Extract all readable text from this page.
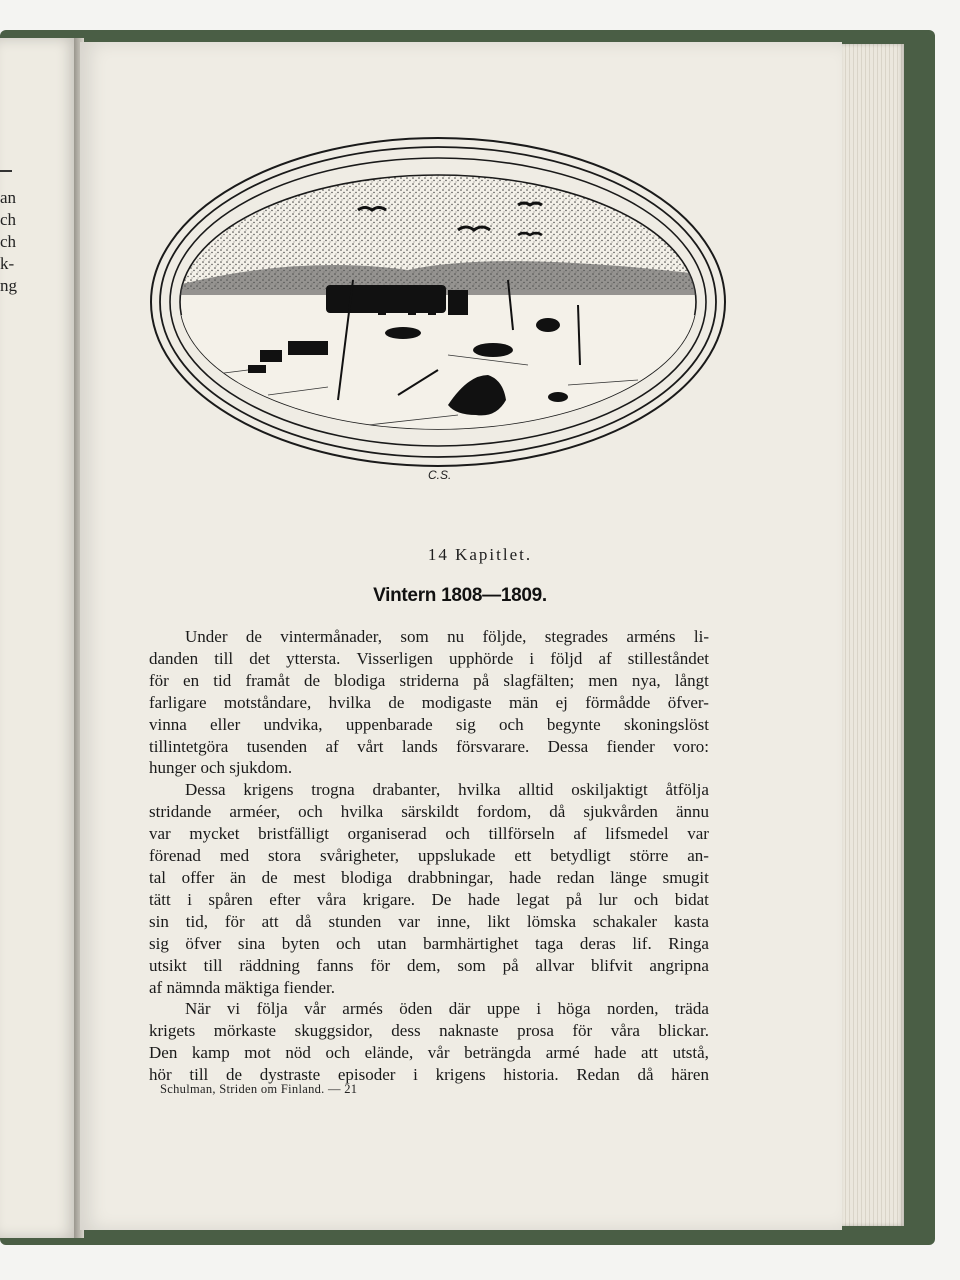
an
ch
ch
k-
ng
C.S.
14 Kapitlet.
Vintern 1808—1809.
Under de vintermånader, som nu följde, stegrades arméns li-
danden till det yttersta. Visserligen upphörde i följd af stilleståndet
för en tid framåt de blodiga striderna på slagfälten; men nya, långt
farligare motståndare, hvilka de modigaste män ej förmådde öfver-
vinna eller undvika, uppenbarade sig och begynte skoningslöst
tillintetgöra tusenden af vårt lands försvarare. Dessa fiender voro:
hunger och sjukdom.
Dessa krigens trogna drabanter, hvilka alltid oskiljaktigt åtfölja
stridande arméer, och hvilka särskildt fordom, då sjukvården ännu
var mycket bristfälligt organiserad och tillförseln af lifsmedel var
förenad med stora svårigheter, uppslukade ett betydligt större an-
tal offer än de mest blodiga drabbningar, hade redan länge smugit
tätt i spåren efter våra krigare. De hade legat på lur och bidat
sin tid, för att då stunden var inne, likt lömska schakaler kasta
sig öfver sina byten och utan barmhärtighet taga deras lif. Ringa
utsikt till räddning fanns för dem, som på allvar blifvit angripna
af nämnda mäktiga fiender.
När vi följa vår armés öden där uppe i höga norden, träda
krigets mörkaste skuggsidor, dess naknaste prosa för våra blickar.
Den kamp mot nöd och elände, vår beträngda armé hade att utstå,
hör till de dystraste episoder i krigens historia. Redan då hären
Schulman, Striden om Finland. — 21
